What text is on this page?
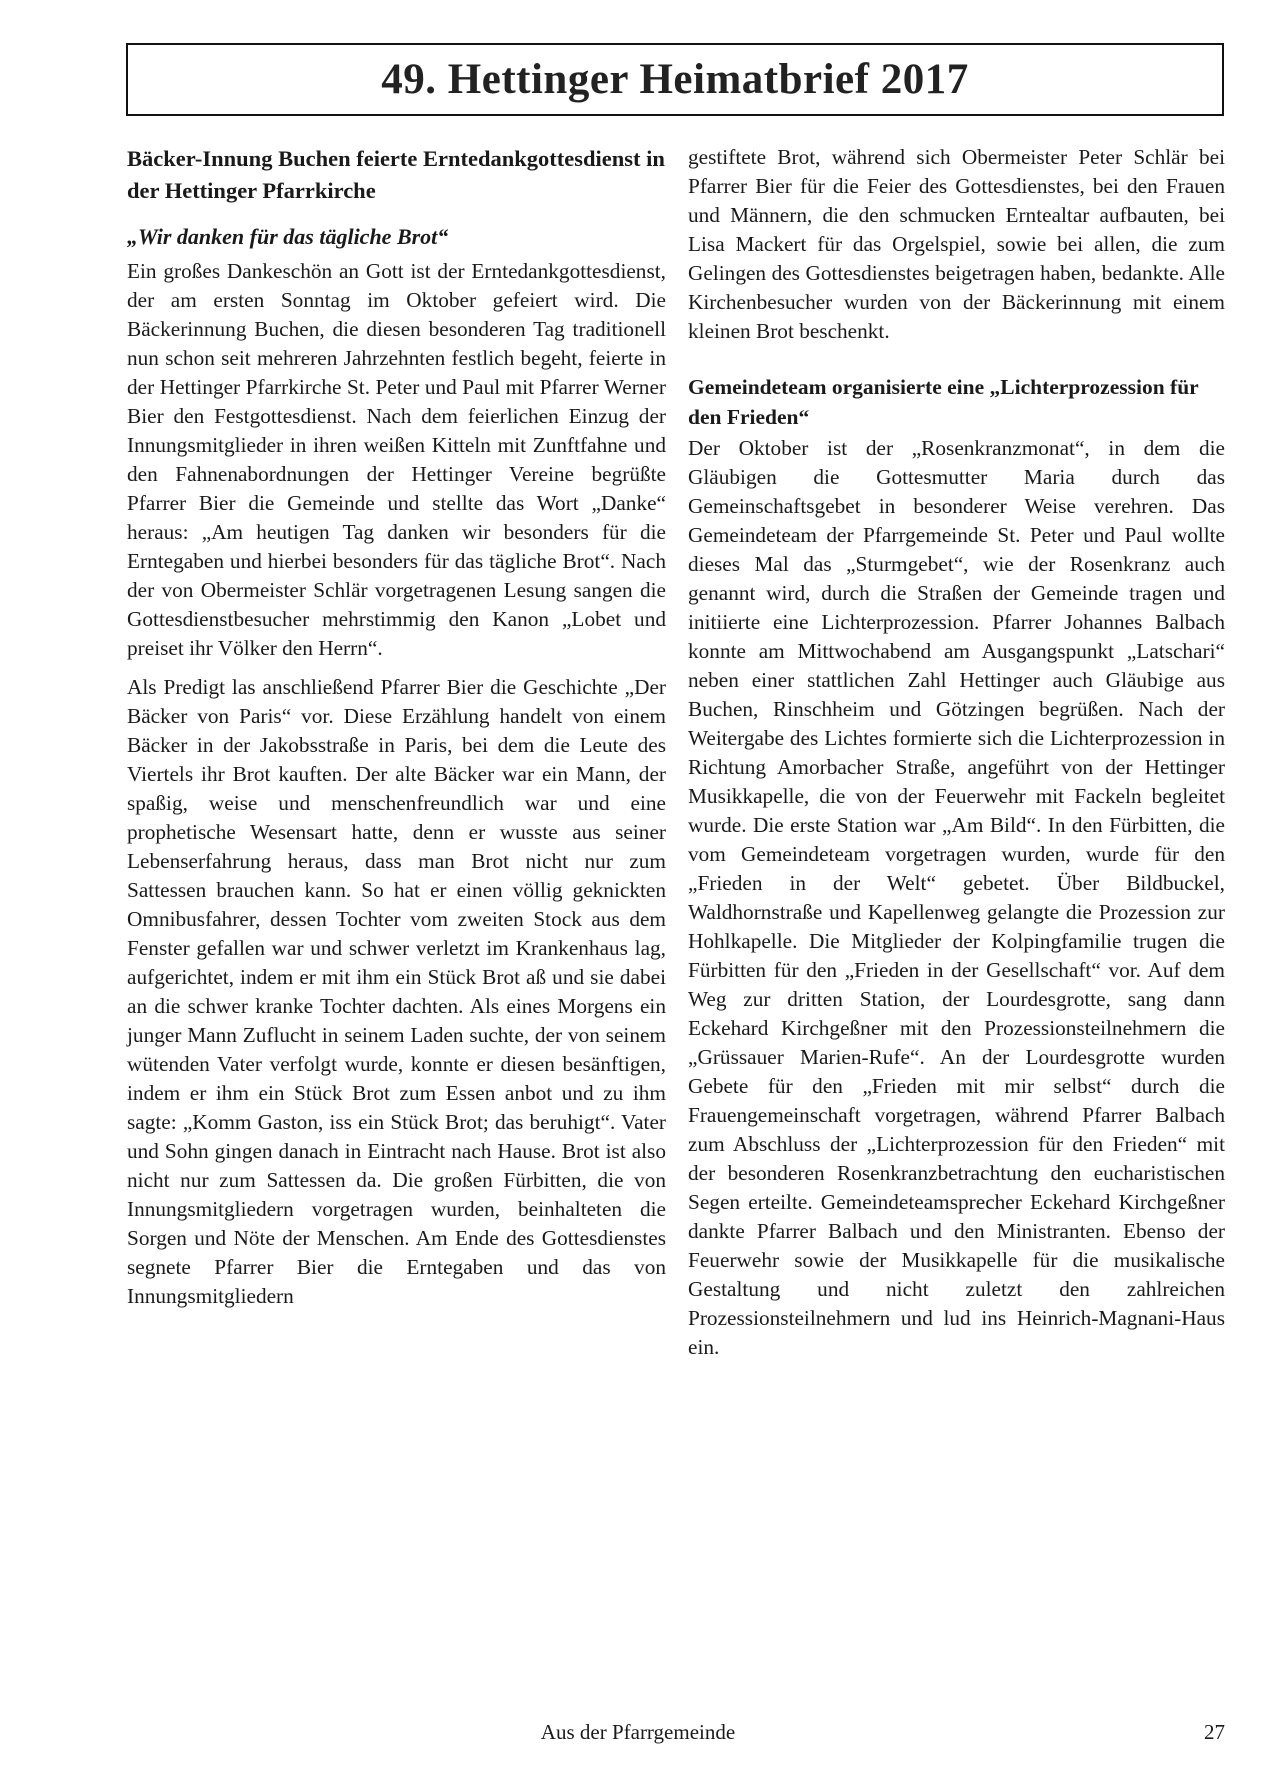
49. Hettinger Heimatbrief 2017
Bäcker-Innung Buchen feierte Erntedankgottesdienst in der Hettinger Pfarrkirche
„Wir danken für das tägliche Brot“

Ein großes Dankeschön an Gott ist der Erntedankgottesdienst, der am ersten Sonntag im Oktober gefeiert wird. Die Bäckerinnung Buchen, die diesen besonderen Tag traditionell nun schon seit mehreren Jahrzehnten festlich begeht, feierte in der Hettinger Pfarrkirche St. Peter und Paul mit Pfarrer Werner Bier den Festgottesdienst. Nach dem feierlichen Einzug der Innungsmitglieder in ihren weißen Kitteln mit Zunftfahne und den Fahnenabordnungen der Hettinger Vereine begrüßte Pfarrer Bier die Gemeinde und stellte das Wort „Danke“ heraus: „Am heutigen Tag danken wir besonders für die Erntegaben und hierbei besonders für das tägliche Brot“. Nach der von Obermeister Schlär vorgetragenen Lesung sangen die Gottesdienstbesucher mehrstimmig den Kanon „Lobet und preiset ihr Völker den Herrn“.

Als Predigt las anschließend Pfarrer Bier die Geschichte „Der Bäcker von Paris“ vor. Diese Erzählung handelt von einem Bäcker in der Jakobsstraße in Paris, bei dem die Leute des Viertels ihr Brot kauften. Der alte Bäcker war ein Mann, der spaßig, weise und menschenfreundlich war und eine prophetische Wesensart hatte, denn er wusste aus seiner Lebenserfahrung heraus, dass man Brot nicht nur zum Sattessen brauchen kann. So hat er einen völlig geknickten Omnibusfahrer, dessen Tochter vom zweiten Stock aus dem Fenster gefallen war und schwer verletzt im Krankenhaus lag, aufgerichtet, indem er mit ihm ein Stück Brot aß und sie dabei an die schwer kranke Tochter dachten. Als eines Morgens ein junger Mann Zuflucht in seinem Laden suchte, der von seinem wütenden Vater verfolgt wurde, konnte er diesen besänftigen, indem er ihm ein Stück Brot zum Essen anbot und zu ihm sagte: „Komm Gaston, iss ein Stück Brot; das beruhigt“. Vater und Sohn gingen danach in Eintracht nach Hause. Brot ist also nicht nur zum Sattessen da. Die großen Fürbitten, die von Innungsmitgliedern vorgetragen wurden, beinhalteten die Sorgen und Nöte der Menschen. Am Ende des Gottesdienstes segnete Pfarrer Bier die Erntegaben und das von Innungsmitgliedern

gestiftete Brot, während sich Obermeister Peter Schlär bei Pfarrer Bier für die Feier des Gottesdienstes, bei den Frauen und Männern, die den schmucken Erntealtar aufbauten, bei Lisa Mackert für das Orgelspiel, sowie bei allen, die zum Gelingen des Gottesdienstes beigetragen haben, bedankte. Alle Kirchenbesucher wurden von der Bäckerinnung mit einem kleinen Brot beschenkt.

Gemeindeteam organisierte eine „Lichterprozession für den Frieden“

Der Oktober ist der „Rosenkranzmonat“, in dem die Gläubigen die Gottesmutter Maria durch das Gemeinschaftsgebet in besonderer Weise verehren. Das Gemeindeteam der Pfarrgemeinde St. Peter und Paul wollte dieses Mal das „Sturmgebet“, wie der Rosenkranz auch genannt wird, durch die Straßen der Gemeinde tragen und initiierte eine Lichterprozession. Pfarrer Johannes Balbach konnte am Mittwochabend am Ausgangspunkt „Latschari“ neben einer stattlichen Zahl Hettinger auch Gläubige aus Buchen, Rinschheim und Götzingen begrüßen. Nach der Weitergabe des Lichtes formierte sich die Lichterprozession in Richtung Amorbacher Straße, angeführt von der Hettinger Musikkapelle, die von der Feuerwehr mit Fackeln begleitet wurde. Die erste Station war „Am Bild“. In den Fürbitten, die vom Gemeindeteam vorgetragen wurden, wurde für den „Frieden in der Welt“ gebetet. Über Bildbuckel, Waldhornstraße und Kapellenweg gelangte die Prozession zur Hohlkapelle. Die Mitglieder der Kolpingfamilie trugen die Fürbitten für den „Frieden in der Gesellschaft“ vor. Auf dem Weg zur dritten Station, der Lourdesgrotte, sang dann Eckehard Kirchgeßner mit den Prozessionsteilnehmern die „Grüssauer Marien-Rufe“. An der Lourdesgrotte wurden Gebete für den „Frieden mit mir selbst“ durch die Frauengemeinschaft vorgetragen, während Pfarrer Balbach zum Abschluss der „Lichterprozession für den Frieden“ mit der besonderen Rosenkranzbetrachtung den eucharistischen Segen erteilte. Gemeindeteamsprecher Eckehard Kirchgeßner dankte Pfarrer Balbach und den Ministranten. Ebenso der Feuerwehr sowie der Musikkapelle für die musikalische Gestaltung und nicht zuletzt den zahlreichen Prozessionsteilnehmern und lud ins Heinrich-Magnani-Haus ein.

Aus der Pfarrgemeinde	27
